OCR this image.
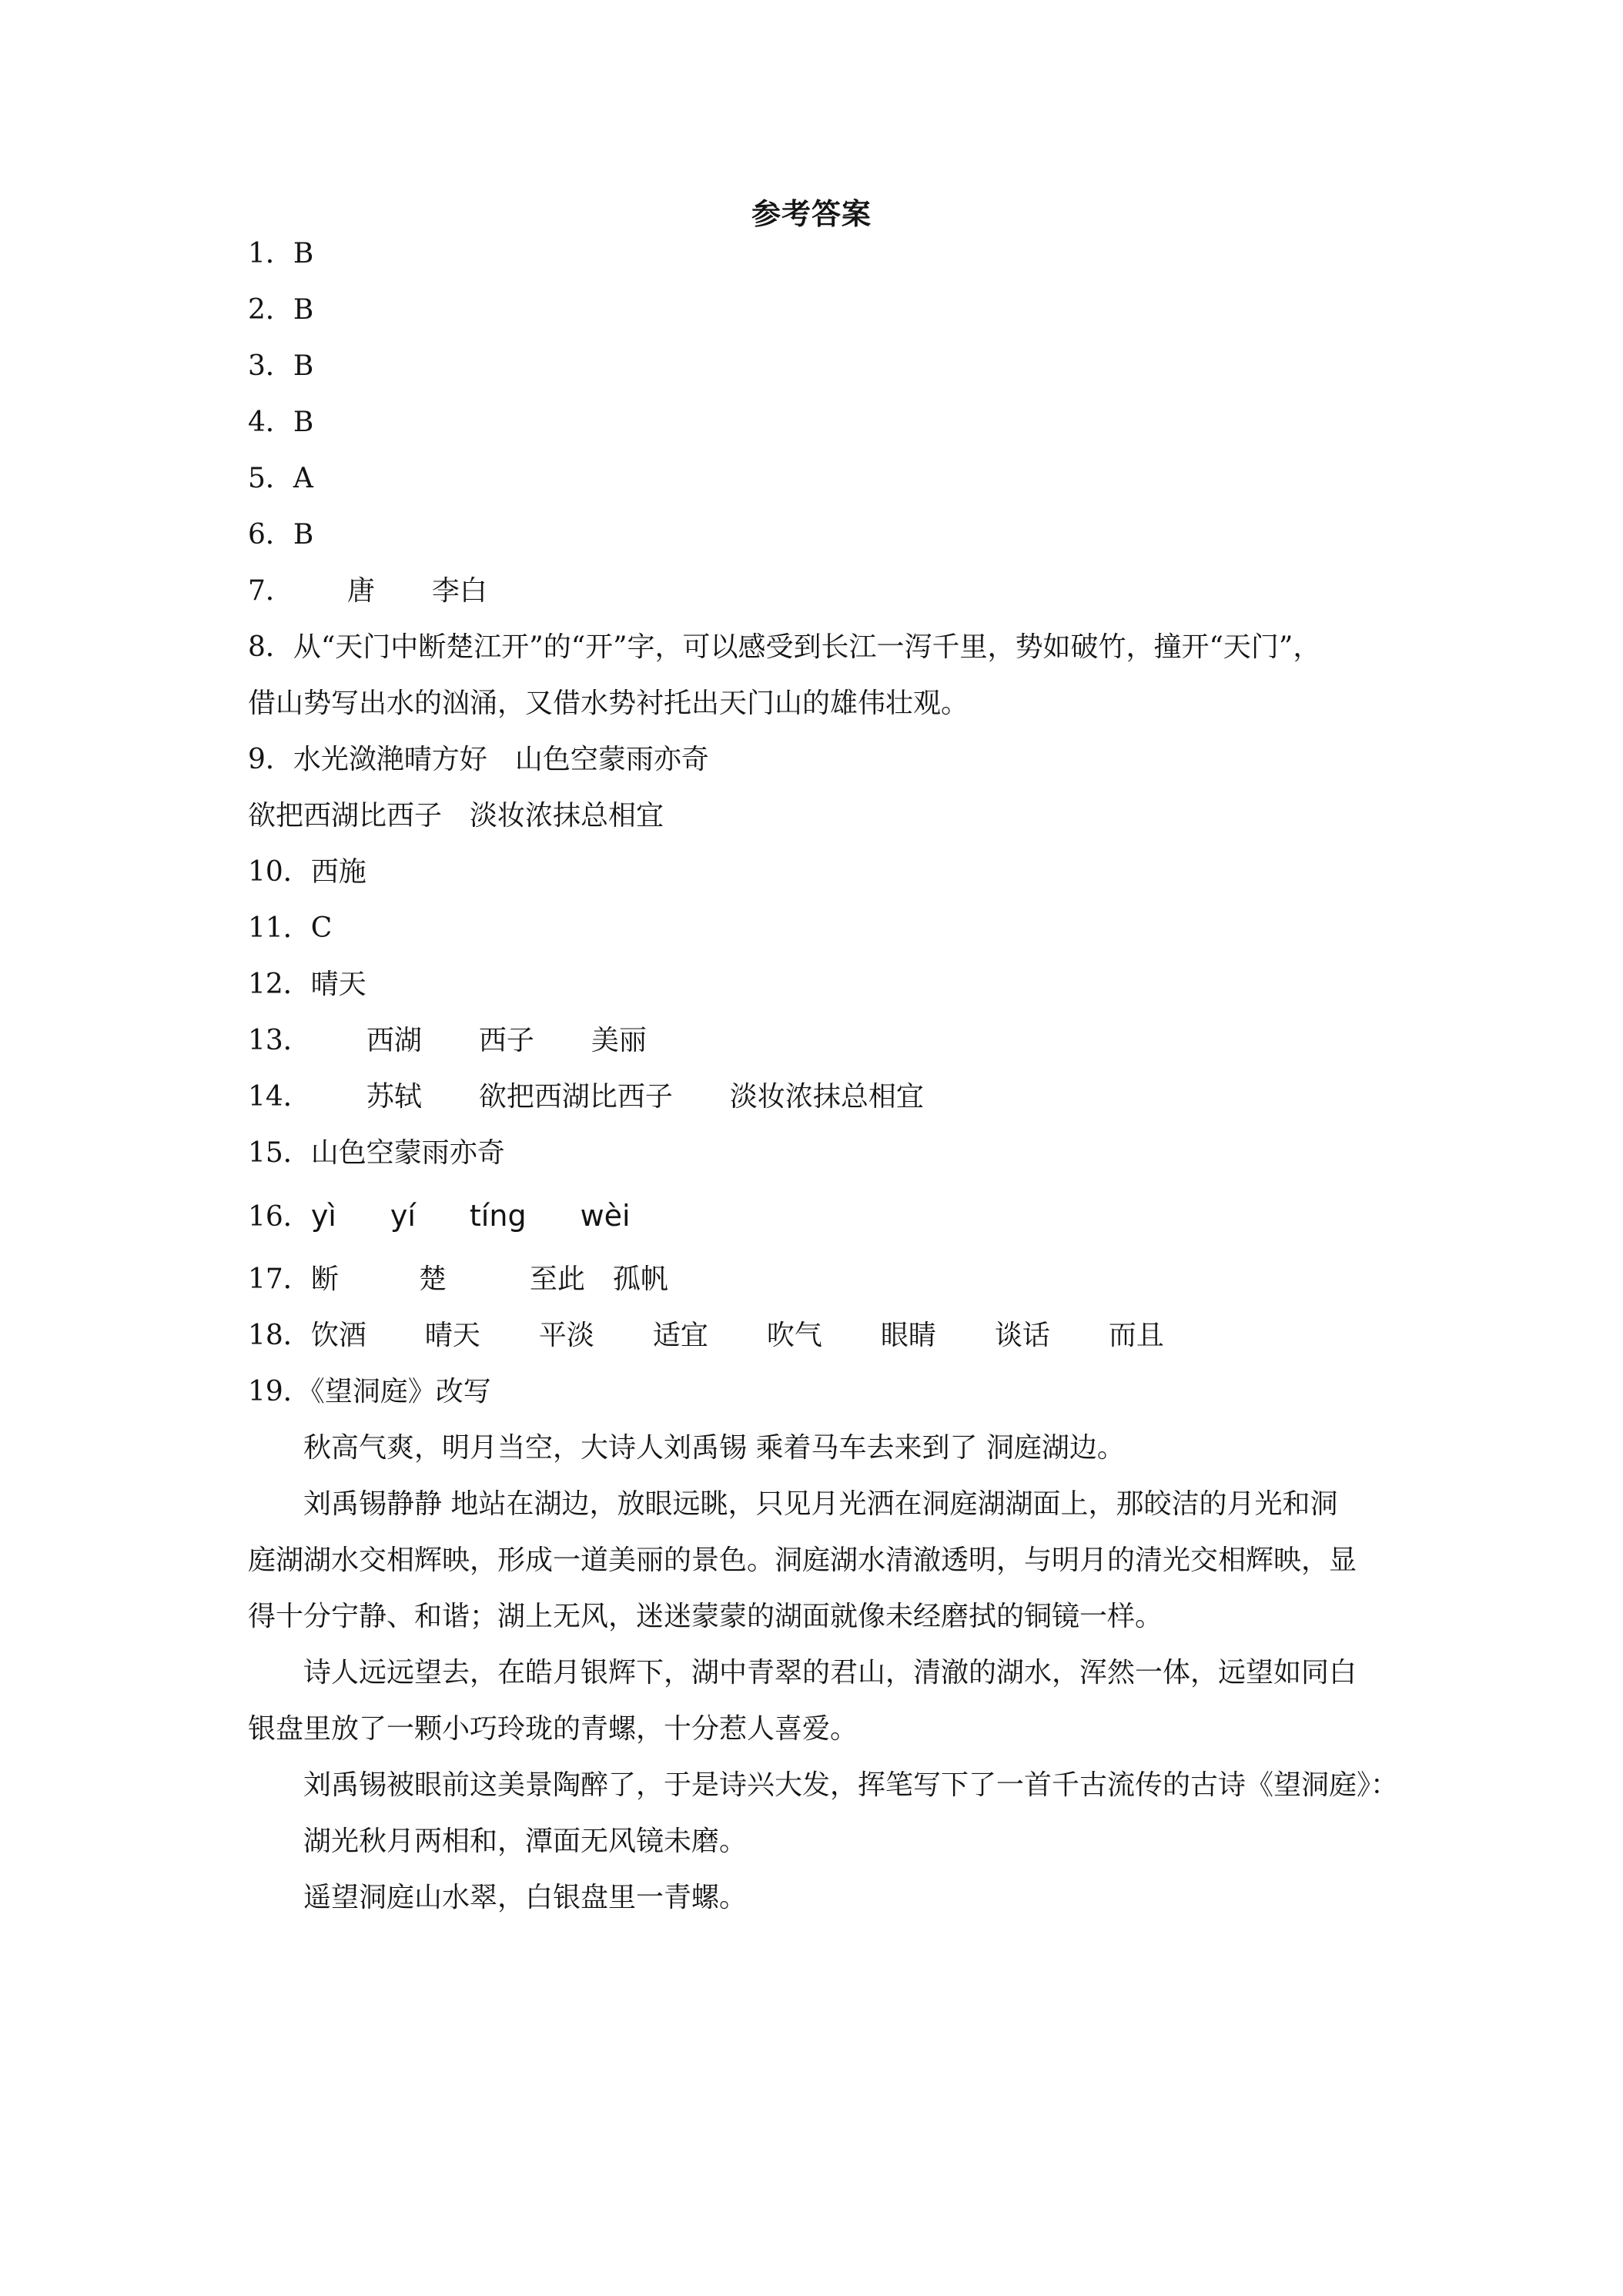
参考答案
1．B
2．B
3．B
4．B
5．A
6．B
7． 唐 李白
8．从“天门中断楚江开”的“开”字，可以感受到长江一泻千里，势如破竹，撞开“天门”，
借山势写出水的汹涌，又借水势衬托出天门山的雄伟壮观。
9．水光潋滟晴方好 山色空蒙雨亦奇
欲把西湖比西子 淡妆浓抹总相宜
10．西施
11．C
12．晴天
13． 西湖 西子 美丽
14． 苏轼 欲把西湖比西子 淡妆浓抹总相宜
15．山色空蒙雨亦奇
16．yì yí tíng wèi
17．断	楚	至此 孤帆
18．饮酒 晴天 平淡 适宜 吹气 眼睛 谈话 而且
19．《望洞庭》改写
秋高气爽，明月当空，大诗人刘禹锡 乘着马车去来到了 洞庭湖边。
刘禹锡静静 地站在湖边，放眼远眺，只见月光洒在洞庭湖湖面上，那皎洁的月光和洞
庭湖湖水交相辉映，形成一道美丽的景色。洞庭湖水清澈透明，与明月的清光交相辉映，显
得十分宁静、和谐；湖上无风，迷迷蒙蒙的湖面就像未经磨拭的铜镜一样。
诗人远远望去，在皓月银辉下，湖中青翠的君山，清澈的湖水，浑然一体，远望如同白
银盘里放了一颗小巧玲珑的青螺，十分惹人喜爱。
刘禹锡被眼前这美景陶醉了，于是诗兴大发，挥笔写下了一首千古流传的古诗《望洞庭》：
湖光秋月两相和，潭面无风镜未磨。
遥望洞庭山水翠，白银盘里一青螺。
